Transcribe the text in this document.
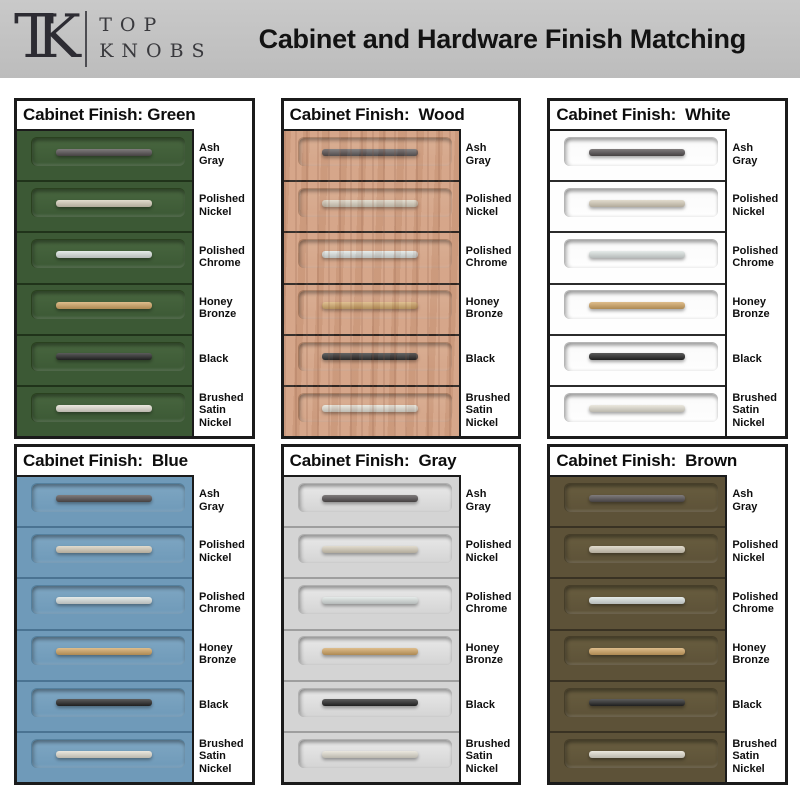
TK	TOP
KNOBS	Cabinet and Hardware Finish Matching
Cabinet Finish: Green
Ash
Gray
Polished
Nickel
Polished
Chrome
Honey
Bronze
Black
Brushed
Satin
Nickel
Cabinet Finish:  Wood
Ash
Gray
Polished
Nickel
Polished
Chrome
Honey
Bronze
Black
Brushed
Satin
Nickel
Cabinet Finish:  White
Ash
Gray
Polished
Nickel
Polished
Chrome
Honey
Bronze
Black
Brushed
Satin
Nickel
Cabinet Finish:  Blue
Ash
Gray
Polished
Nickel
Polished
Chrome
Honey
Bronze
Black
Brushed
Satin
Nickel
Cabinet Finish:  Gray
Ash
Gray
Polished
Nickel
Polished
Chrome
Honey
Bronze
Black
Brushed
Satin
Nickel
Cabinet Finish:  Brown
Ash
Gray
Polished
Nickel
Polished
Chrome
Honey
Bronze
Black
Brushed
Satin
Nickel
